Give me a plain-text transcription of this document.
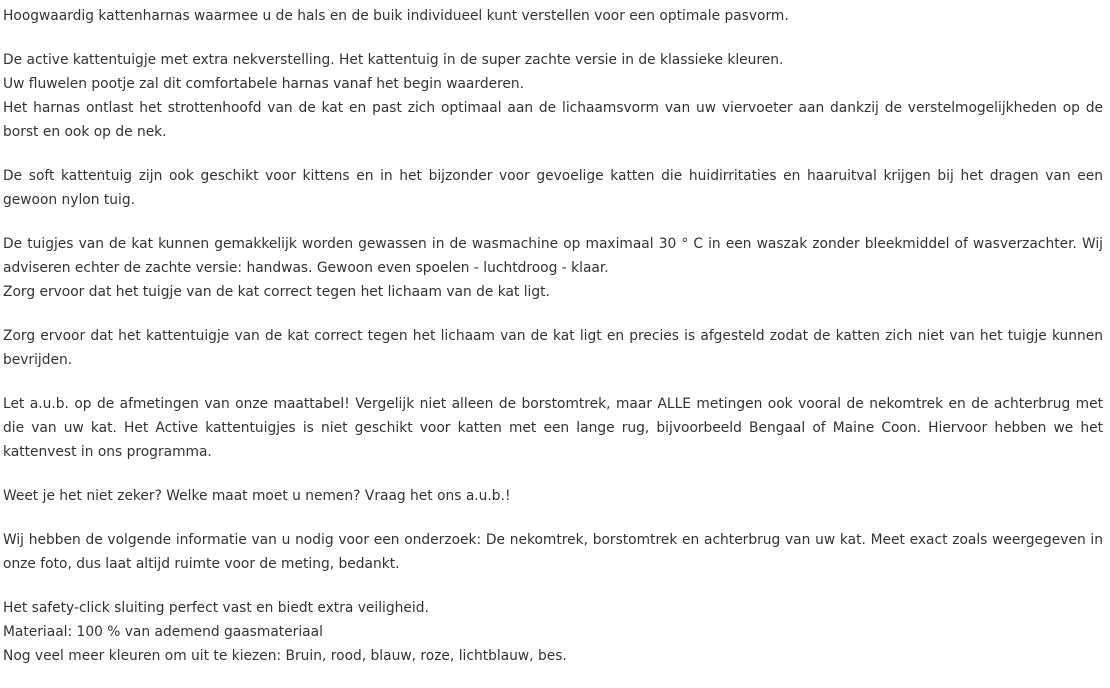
Hoogwaardig kattenharnas waarmee u de hals en de buik individueel kunt verstellen voor een optimale pasvorm.

De active kattentuigje met extra nekverstelling. Het kattentuig in de super zachte versie in de klassieke kleuren.
Uw fluwelen pootje zal dit comfortabele harnas vanaf het begin waarderen.
Het harnas ontlast het strottenhoofd van de kat en past zich optimaal aan de lichaamsvorm van uw viervoeter aan dankzij de verstelmogelijkheden op de borst en ook op de nek.

De soft kattentuig zijn ook geschikt voor kittens en in het bijzonder voor gevoelige katten die huidirritaties en haaruitval krijgen bij het dragen van een gewoon nylon tuig.

De tuigjes van de kat kunnen gemakkelijk worden gewassen in de wasmachine op maximaal 30 ° C in een waszak zonder bleekmiddel of wasverzachter. Wij adviseren echter de zachte versie: handwas. Gewoon even spoelen - luchtdroog - klaar.
Zorg ervoor dat het tuigje van de kat correct tegen het lichaam van de kat ligt.

Zorg ervoor dat het kattentuigje van de kat correct tegen het lichaam van de kat ligt en precies is afgesteld zodat de katten zich niet van het tuigje kunnen bevrijden.

Let a.u.b. op de afmetingen van onze maattabel! Vergelijk niet alleen de borstomtrek, maar ALLE metingen ook vooral de nekomtrek en de achterbrug met die van uw kat. Het Active kattentuigjes is niet geschikt voor katten met een lange rug, bijvoorbeeld Bengaal of Maine Coon. Hiervoor hebben we het kattenvest in ons programma.

Weet je het niet zeker? Welke maat moet u nemen? Vraag het ons a.u.b.!

Wij hebben de volgende informatie van u nodig voor een onderzoek: De nekomtrek, borstomtrek en achterbrug van uw kat. Meet exact zoals weergegeven in onze foto, dus laat altijd ruimte voor de meting, bedankt.

Het safety-click sluiting perfect vast en biedt extra veiligheid.
Materiaal: 100 % van ademend gaasmateriaal
Nog veel meer kleuren om uit te kiezen: Bruin, rood, blauw, roze, lichtblauw, bes.
